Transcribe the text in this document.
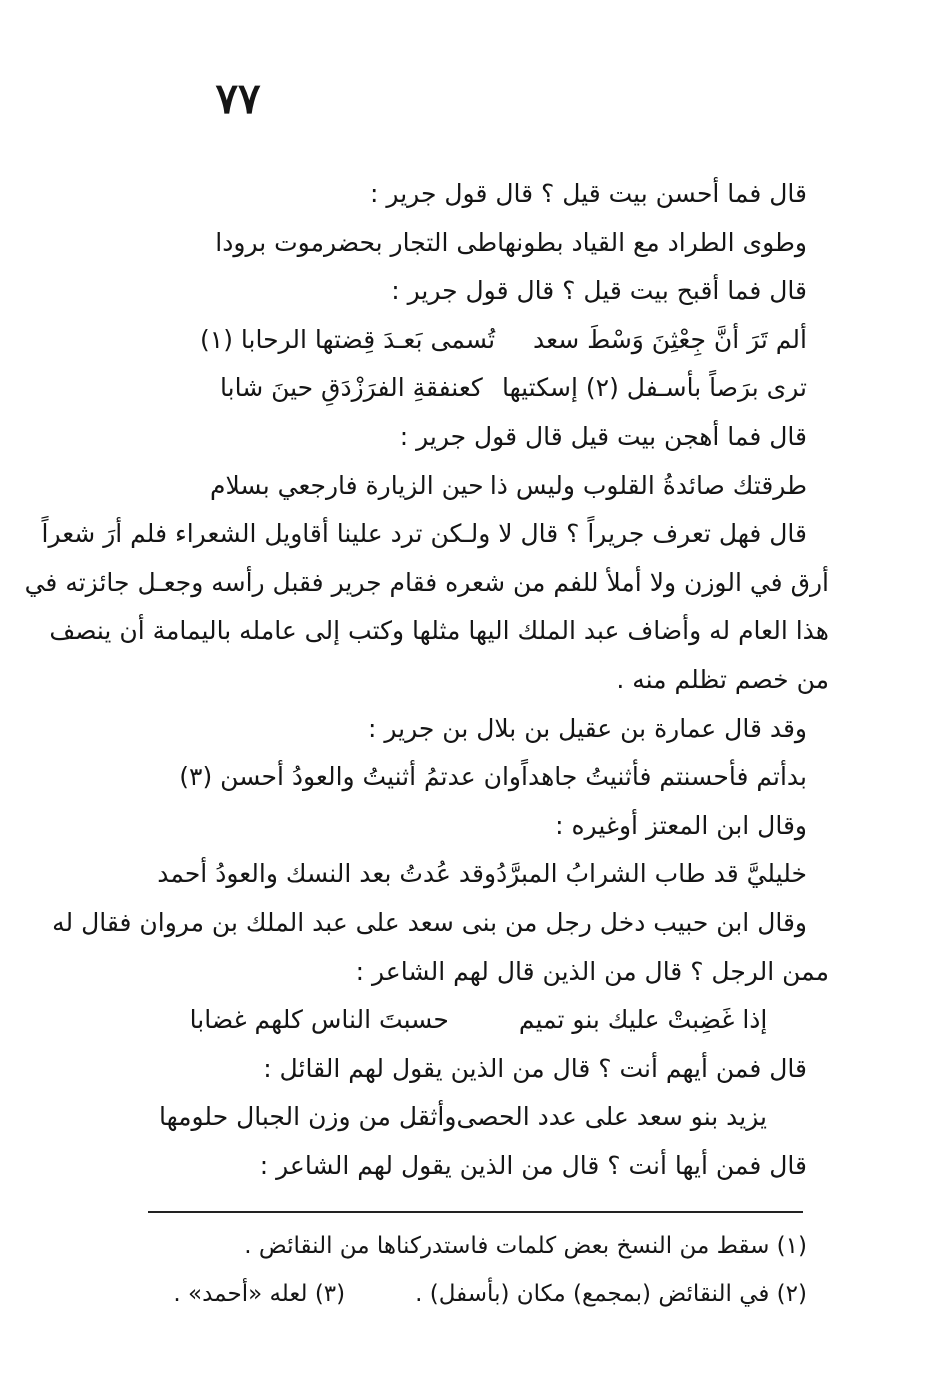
٧٧
قال فما أحسن بيت قيل ؟ قال قول جرير :
وطوى الطراد مع القياد بطونها
طى التجار بحضرموت برودا
قال فما أقبح بيت قيل ؟ قال قول جرير :
ألم تَرَ أنَّ جِعْثِنَ وَسْطَ سعد
تُسمى بَعـدَ قِضتها الرحابا (١)
ترى برَصاً بأسـفل (٢) إسكتيها
كعنفقةِ الفرَزْدَقِ حينَ شابا
قال فما أهجن بيت قيل قال قول جرير :
طرقتك صائدةُ القلوب وليس ذا
حين الزيارة فارجعي بسلام
قال فهل تعرف جريراً ؟ قال لا ولـكن ترد علينا أقاويل الشعراء فلم أرَ شعراً
أرق في الوزن ولا أملأ للفم من شعره فقام جرير فقبل رأسه وجعـل جائزته في
هذا العام له وأضاف عبد الملك اليها مثلها وكتب إلى عامله باليمامة أن ينصف
من خصم تظلم منه .
وقد قال عمارة بن عقيل بن بلال بن جرير :
بدأتم فأحسنتم فأثنيتُ جاهداً
وان عدتمُ أثنيتُ والعودُ أحسن (٣)
وقال ابن المعتز أوغيره :
خليليَّ قد طاب الشرابُ المبرَّدُ
وقد عُدتُ بعد النسك والعودُ أحمد
وقال ابن حبيب دخل رجل من بنى سعد على عبد الملك بن مروان فقال له
ممن الرجل ؟ قال من الذين قال لهم الشاعر :
إذا غَضِبتْ عليك بنو تميم
حسبتَ الناس كلهم غضابا
قال فمن أيهم أنت ؟ قال من الذين يقول لهم القائل :
يزيد بنو سعد على عدد الحصى
وأثقل من وزن الجبال حلومها
قال فمن أيها أنت ؟ قال من الذين يقول لهم الشاعر :
(١) سقط من النسخ بعض كلمات فاستدركناها من النقائض .
(٢) في النقائض (بمجمع) مكان (بأسفل) .
(٣) لعله «أحمد» .
